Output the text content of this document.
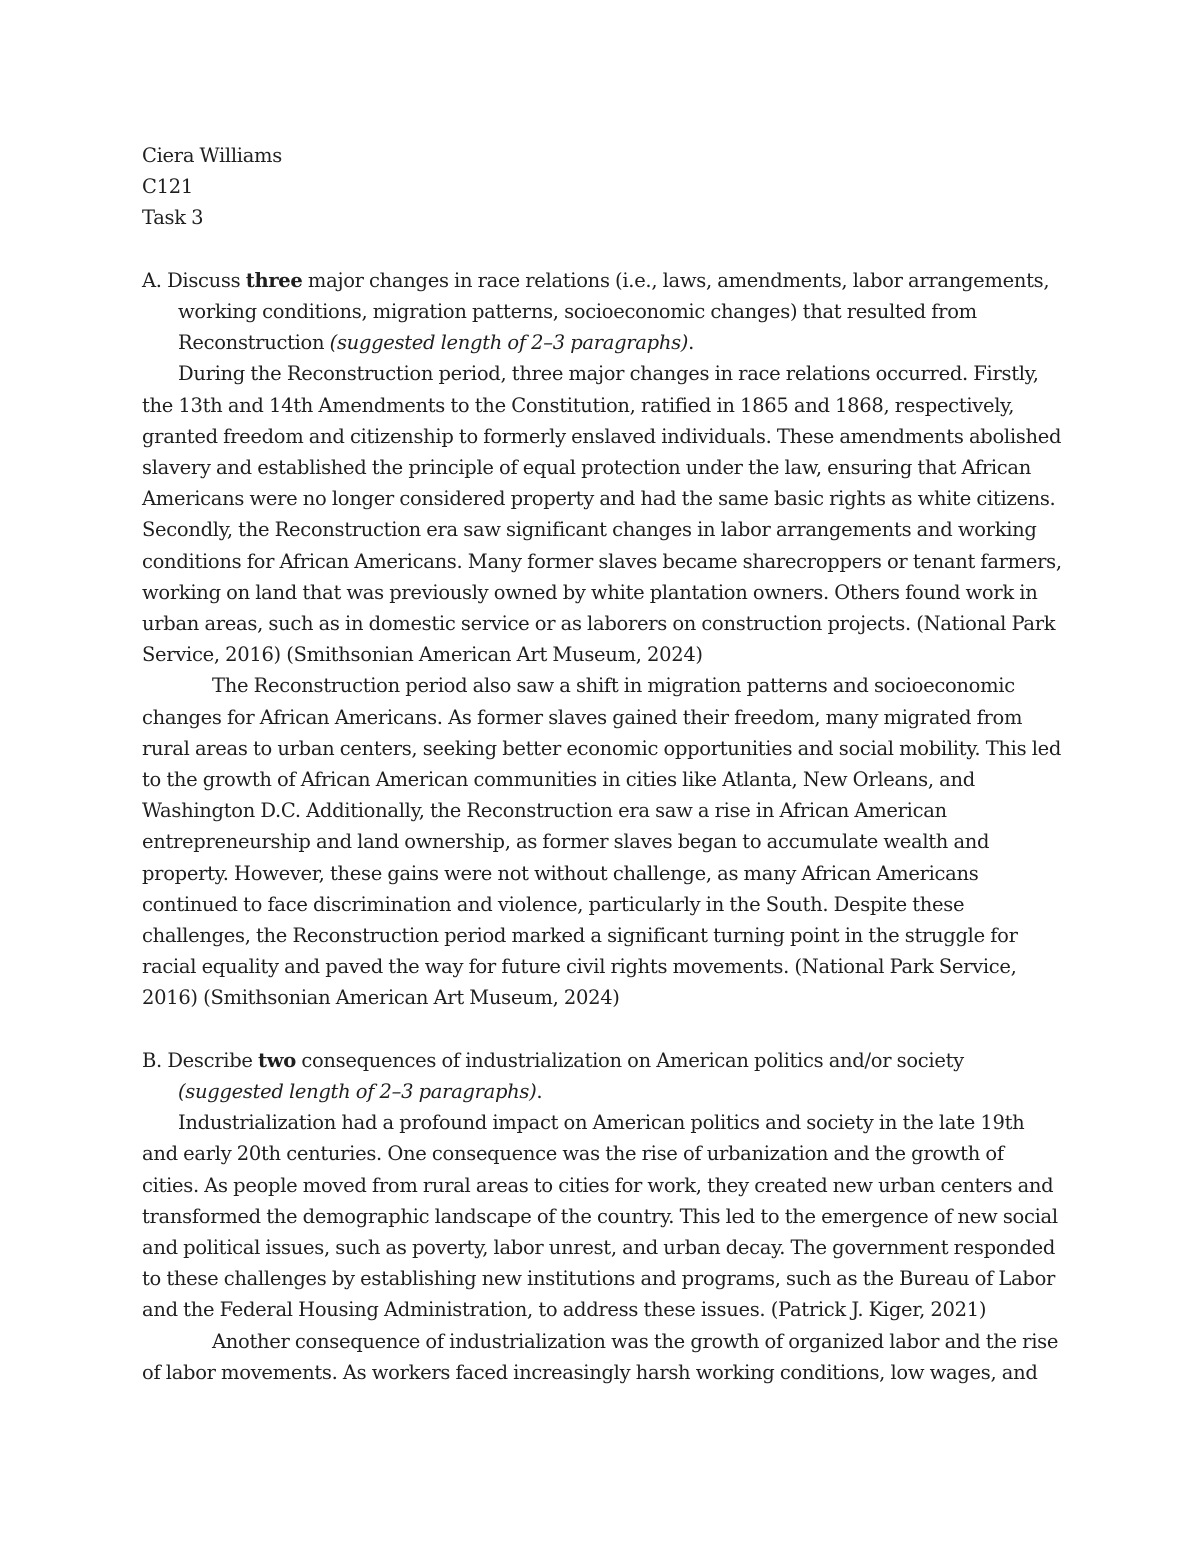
Ciera Williams
C121
Task 3

A. Discuss three major changes in race relations (i.e., laws, amendments, labor arrangements, working conditions, migration patterns, socioeconomic changes) that resulted from Reconstruction (suggested length of 2–3 paragraphs).

During the Reconstruction period, three major changes in race relations occurred. Firstly, the 13th and 14th Amendments to the Constitution, ratified in 1865 and 1868, respectively, granted freedom and citizenship to formerly enslaved individuals. These amendments abolished slavery and established the principle of equal protection under the law, ensuring that African Americans were no longer considered property and had the same basic rights as white citizens. Secondly, the Reconstruction era saw significant changes in labor arrangements and working conditions for African Americans. Many former slaves became sharecroppers or tenant farmers, working on land that was previously owned by white plantation owners. Others found work in urban areas, such as in domestic service or as laborers on construction projects. (National Park Service, 2016) (Smithsonian American Art Museum, 2024)

The Reconstruction period also saw a shift in migration patterns and socioeconomic changes for African Americans. As former slaves gained their freedom, many migrated from rural areas to urban centers, seeking better economic opportunities and social mobility. This led to the growth of African American communities in cities like Atlanta, New Orleans, and Washington D.C. Additionally, the Reconstruction era saw a rise in African American entrepreneurship and land ownership, as former slaves began to accumulate wealth and property. However, these gains were not without challenge, as many African Americans continued to face discrimination and violence, particularly in the South. Despite these challenges, the Reconstruction period marked a significant turning point in the struggle for racial equality and paved the way for future civil rights movements. (National Park Service, 2016) (Smithsonian American Art Museum, 2024)

B. Describe two consequences of industrialization on American politics and/or society

(suggested length of 2–3 paragraphs).

Industrialization had a profound impact on American politics and society in the late 19th and early 20th centuries. One consequence was the rise of urbanization and the growth of cities. As people moved from rural areas to cities for work, they created new urban centers and transformed the demographic landscape of the country. This led to the emergence of new social and political issues, such as poverty, labor unrest, and urban decay. The government responded to these challenges by establishing new institutions and programs, such as the Bureau of Labor and the Federal Housing Administration, to address these issues. (Patrick J. Kiger, 2021)

Another consequence of industrialization was the growth of organized labor and the rise of labor movements. As workers faced increasingly harsh working conditions, low wages, and
